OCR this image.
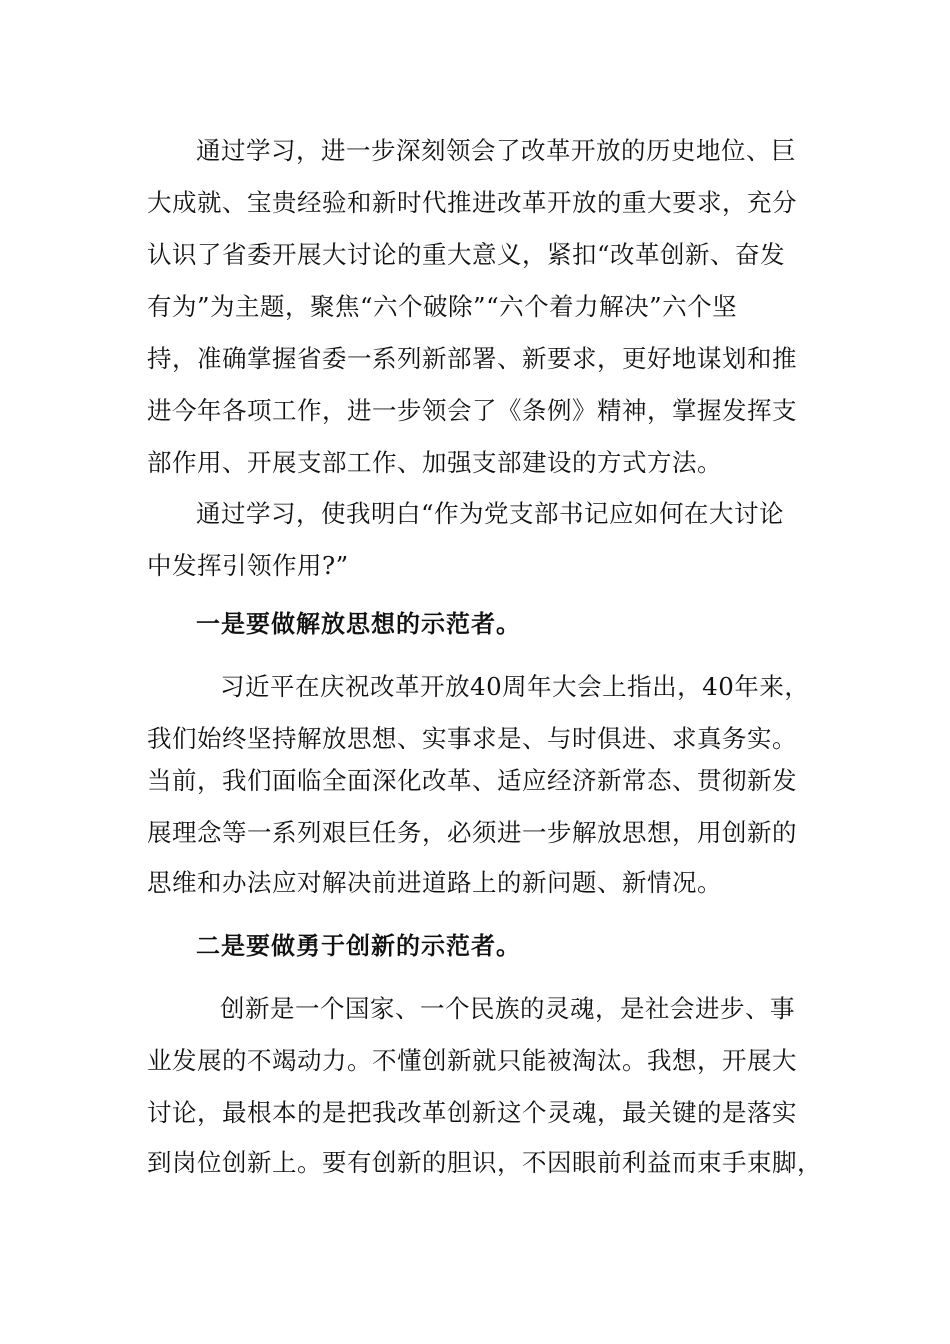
通过学习，进一步深刻领会了改革开放的历史地位、巨
大成就、宝贵经验和新时代推进改革开放的重大要求，充分
认识了省委开展大讨论的重大意义，紧扣“改革创新、奋发
有为”为主题，聚焦“六个破除”“六个着力解决”六个坚
持，准确掌握省委一系列新部署、新要求，更好地谋划和推
进今年各项工作，进一步领会了《条例》精神，掌握发挥支
部作用、开展支部工作、加强支部建设的方式方法。
通过学习，使我明白“作为党支部书记应如何在大讨论
中发挥引领作用?”
一是要做解放思想的示范者。
习近平在庆祝改革开放40周年大会上指出，40年来，
我们始终坚持解放思想、实事求是、与时俱进、求真务实。
当前，我们面临全面深化改革、适应经济新常态、贯彻新发
展理念等一系列艰巨任务，必须进一步解放思想，用创新的
思维和办法应对解决前进道路上的新问题、新情况。
二是要做勇于创新的示范者。
创新是一个国家、一个民族的灵魂，是社会进步、事
业发展的不竭动力。不懂创新就只能被淘汰。我想，开展大
讨论，最根本的是把我改革创新这个灵魂，最关键的是落实
到岗位创新上。要有创新的胆识，不因眼前利益而束手束脚，
